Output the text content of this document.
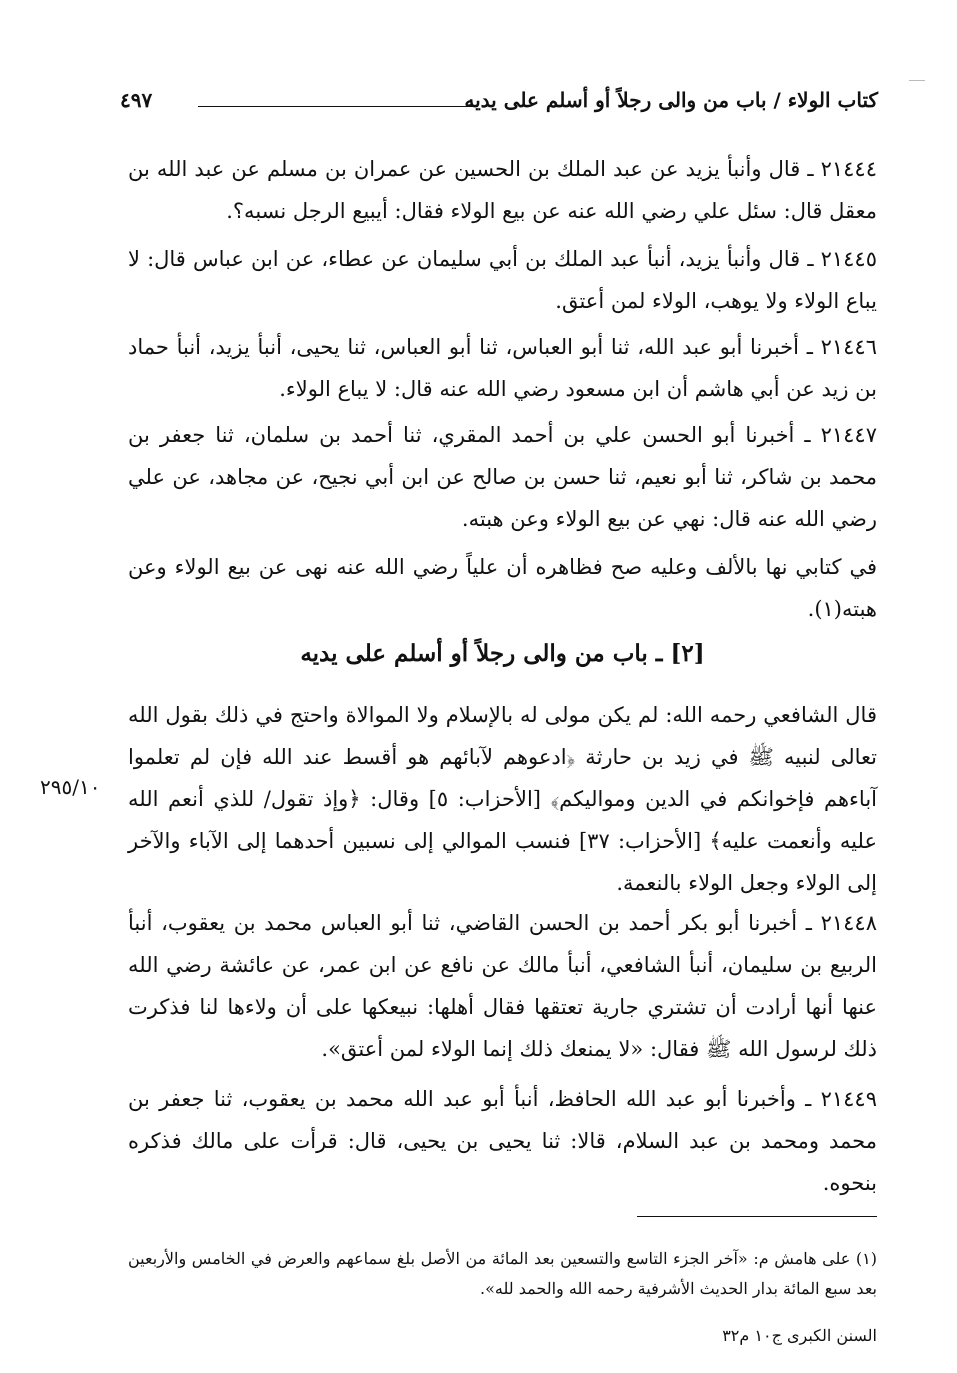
كتاب الولاء / باب من والى رجلاً أو أسلم على يديه
٤٩٧

٢١٤٤٤ ـ قال وأنبأ يزيد عن عبد الملك بن الحسين عن عمران بن مسلم عن عبد الله بن معقل قال: سئل علي رضي الله عنه عن بيع الولاء فقال: أيبيع الرجل نسبه؟.

٢١٤٤٥ ـ قال وأنبأ يزيد، أنبأ عبد الملك بن أبي سليمان عن عطاء، عن ابن عباس قال: لا يباع الولاء ولا يوهب، الولاء لمن أعتق.

٢١٤٤٦ ـ أخبرنا أبو عبد الله، ثنا أبو العباس، ثنا أبو العباس، ثنا يحيى، أنبأ يزيد، أنبأ حماد بن زيد عن أبي هاشم أن ابن مسعود رضي الله عنه قال: لا يباع الولاء.

٢١٤٤٧ ـ أخبرنا أبو الحسن علي بن أحمد المقري، ثنا أحمد بن سلمان، ثنا جعفر بن محمد بن شاكر، ثنا أبو نعيم، ثنا حسن بن صالح عن ابن أبي نجيح، عن مجاهد، عن علي رضي الله عنه قال: نهي عن بيع الولاء وعن هبته.

في كتابي نها بالألف وعليه صح فظاهره أن علياً رضي الله عنه نهى عن بيع الولاء وعن هبته(١).

[٢] ـ باب من والى رجلاً أو أسلم على يديه

قال الشافعي رحمه الله: لم يكن مولى له بالإسلام ولا الموالاة واحتج في ذلك بقول الله تعالى لنبيه ﷺ في زيد بن حارثة ﴿ادعوهم لآبائهم هو أقسط عند الله فإن لم تعلموا آباءهم فإخوانكم في الدين ومواليكم﴾ [الأحزاب: ٥] وقال: ﴿وإذ تقول/ للذي أنعم الله عليه وأنعمت عليه﴾ [الأحزاب: ٣٧] فنسب الموالي إلى نسبين أحدهما إلى الآباء والآخر إلى الولاء وجعل الولاء بالنعمة.

٢٩٥/١٠

٢١٤٤٨ ـ أخبرنا أبو بكر أحمد بن الحسن القاضي، ثنا أبو العباس محمد بن يعقوب، أنبأ الربيع بن سليمان، أنبأ الشافعي، أنبأ مالك عن نافع عن ابن عمر، عن عائشة رضي الله عنها أنها أرادت أن تشتري جارية تعتقها فقال أهلها: نبيعكها على أن ولاءها لنا فذكرت ذلك لرسول الله ﷺ فقال: «لا يمنعك ذلك إنما الولاء لمن أعتق».

٢١٤٤٩ ـ وأخبرنا أبو عبد الله الحافظ، أنبأ أبو عبد الله محمد بن يعقوب، ثنا جعفر بن محمد ومحمد بن عبد السلام، قالا: ثنا يحيى بن يحيى، قال: قرأت على مالك فذكره بنحوه.

(١) على هامش م: «آخر الجزء التاسع والتسعين بعد المائة من الأصل بلغ سماعهم والعرض في الخامس والأربعين بعد سبع المائة بدار الحديث الأشرفية رحمه الله والحمد لله».

السنن الكبرى ج١٠ م٣٢
